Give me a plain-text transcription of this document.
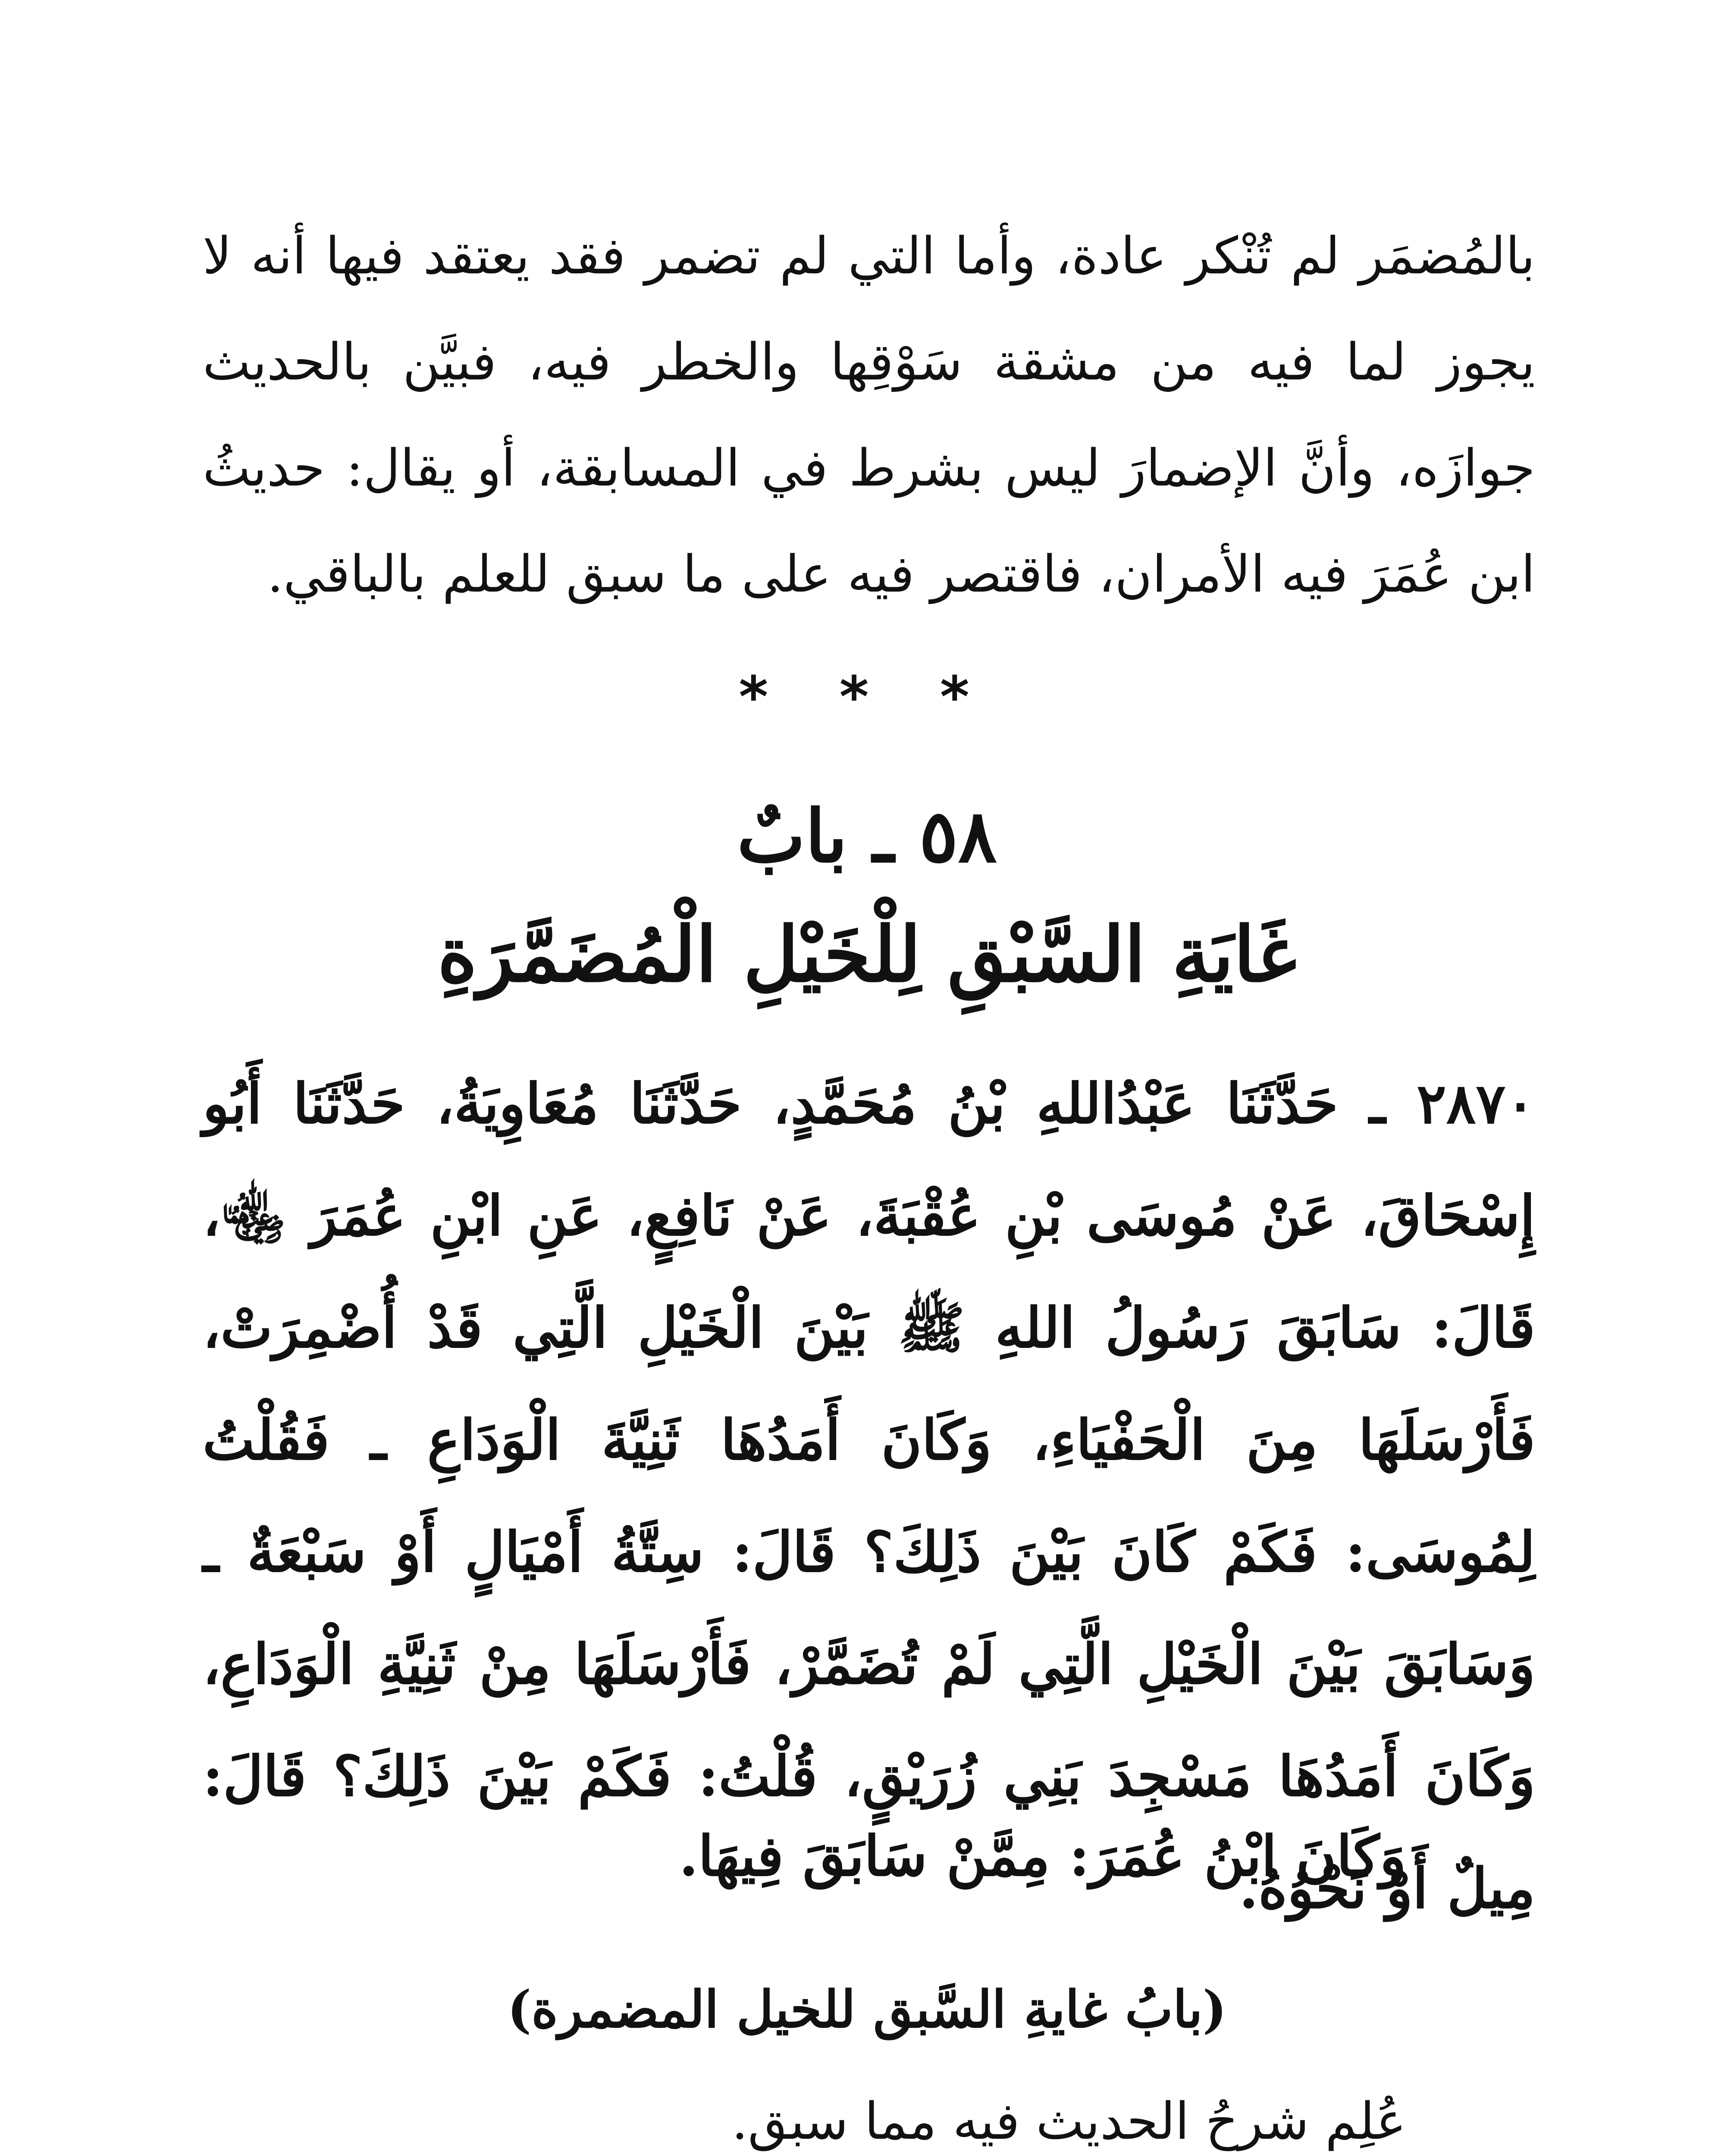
بالمُضمَر لم تُنْكر عادة، وأما التي لم تضمر فقد يعتقد فيها أنه لا يجوز لما فيه من مشقة سَوْقِها والخطر فيه، فبيَّن بالحديث جوازَه، وأنَّ الإضمارَ ليس بشرط في المسابقة، أو يقال: حديثُ ابن عُمَرَ فيه الأمران، فاقتصر فيه على ما سبق للعلم بالباقي.

* * *
٥٨ ـ بابٌ
غَايَةِ السَّبْقِ لِلْخَيْلِ الْمُضَمَّرَةِ

٢٨٧٠ ـ حَدَّثَنَا عَبْدُاللهِ بْنُ مُحَمَّدٍ، حَدَّثَنَا مُعَاوِيَةُ، حَدَّثَنَا أَبُو إِسْحَاقَ، عَنْ مُوسَى بْنِ عُقْبَةَ، عَنْ نَافِعٍ، عَنِ ابْنِ عُمَرَ ﵄، قَالَ: سَابَقَ رَسُولُ اللهِ ﷺ بَيْنَ الْخَيْلِ الَّتِي قَدْ أُضْمِرَتْ، فَأَرْسَلَهَا مِنَ الْحَفْيَاءِ، وَكَانَ أَمَدُهَا ثَنِيَّةَ الْوَدَاعِ ـ فَقُلْتُ لِمُوسَى: فَكَمْ كَانَ بَيْنَ ذَلِكَ؟ قَالَ: سِتَّةُ أَمْيَالٍ أَوْ سَبْعَةٌ ـ وَسَابَقَ بَيْنَ الْخَيْلِ الَّتِي لَمْ تُضَمَّرْ، فَأَرْسَلَهَا مِنْ ثَنِيَّةِ الْوَدَاعِ، وَكَانَ أَمَدُهَا مَسْجِدَ بَنِي زُرَيْقٍ، قُلْتُ: فَكَمْ بَيْنَ ذَلِكَ؟ قَالَ: مِيلٌ أَوْ نَحْوُهُ.

وَكَانَ ابْنُ عُمَرَ: مِمَّنْ سَابَقَ فِيهَا.
(بابُ غايةِ السَّبق للخيل المضمرة)
عُلِم شرحُ الحديث فيه مما سبق.
